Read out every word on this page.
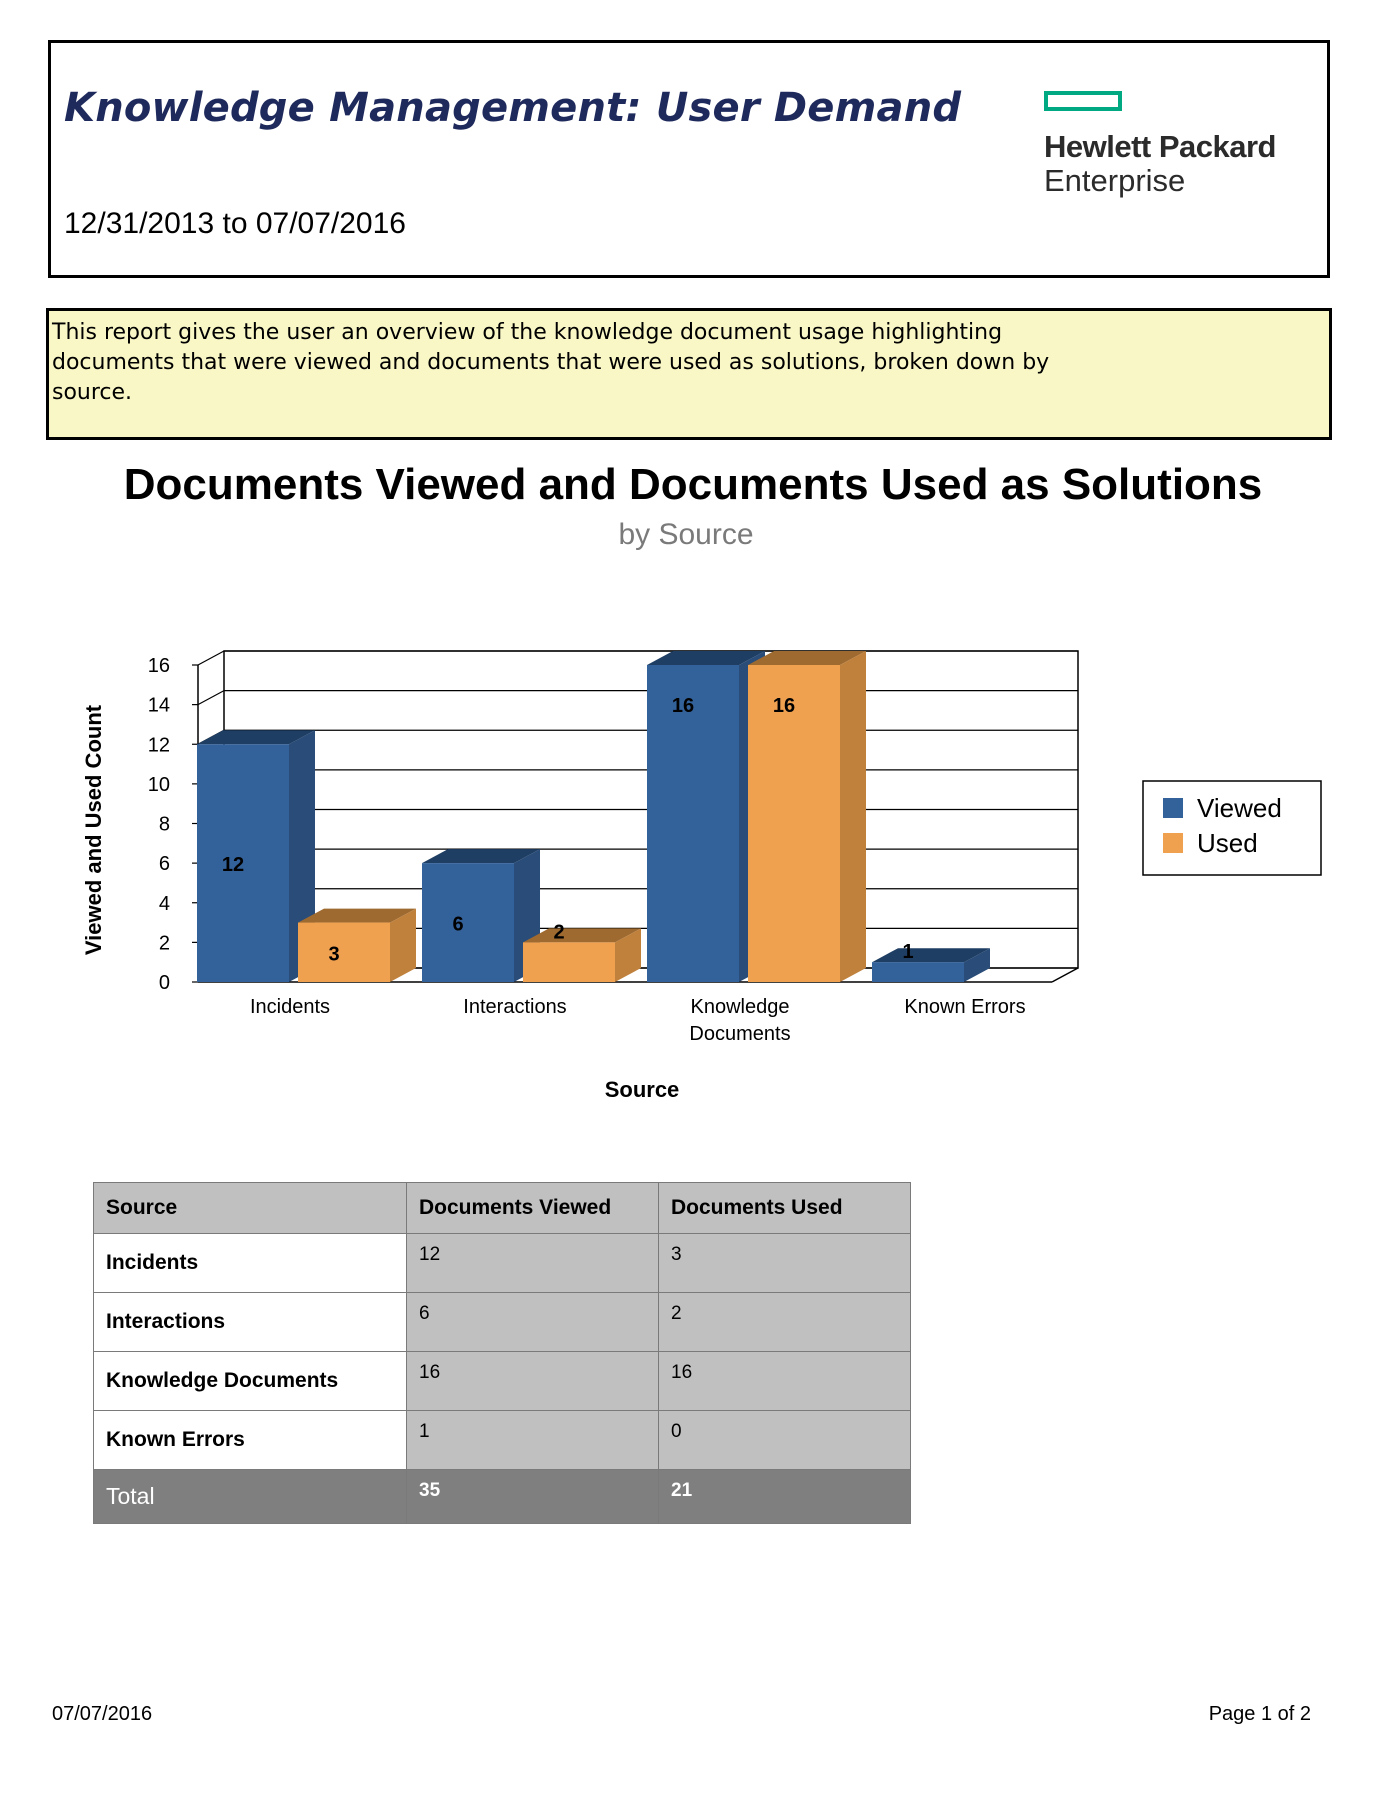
Knowledge Management: User Demand
12/31/2013 to 07/07/2016
Hewlett Packard
Enterprise
This report gives the user an overview of the knowledge document usage highlighting documents that were viewed and documents that were used as solutions, broken down by source.
Documents Viewed and Documents Used as Solutions
by Source
0
2
4
6
8
10
12
14
16
12
3
Incidents
6	2
Interactions
16	16
Knowledge
Documents
1
Known Errors
Source
Viewed and Used Count	Viewed
Used
Source	Documents Viewed	Documents Used
Incidents	12	3
Interactions	6	2
Knowledge Documents	16	16
Known Errors	1	0
Total	35	21
07/07/2016	Page 1 of 2
